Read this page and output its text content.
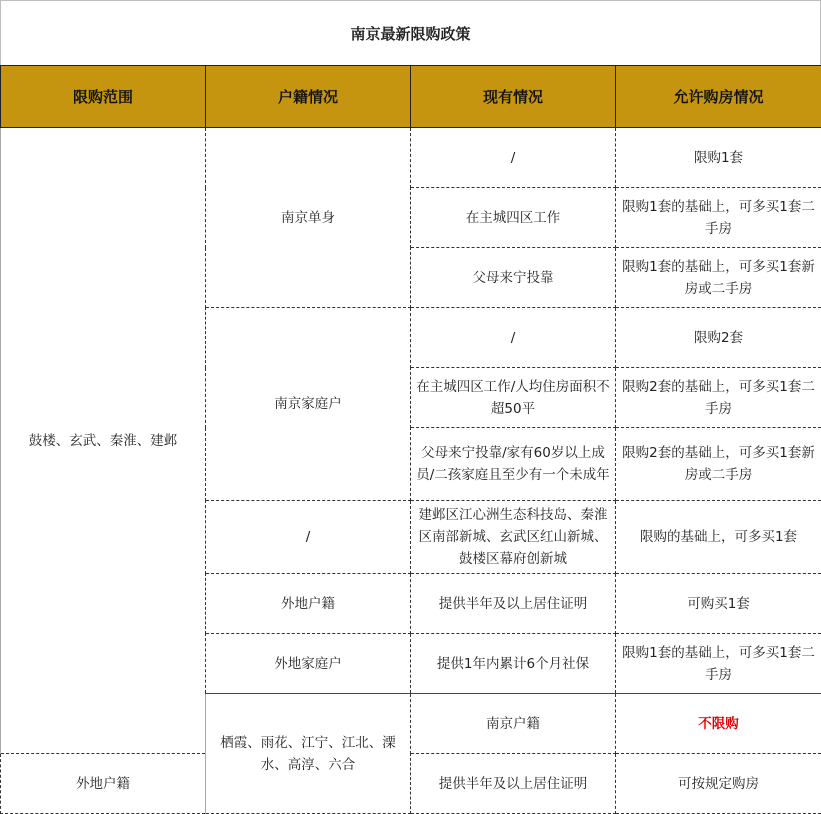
南京最新限购政策
限购范围	户籍情况	现有情况	允许购房情况
鼓楼、玄武、秦淮、建邺	南京单身	/	限购1套
		在主城四区工作	限购1套的基础上，可多买1套二手房
		父母来宁投靠	限购1套的基础上，可多买1套新房或二手房
	南京家庭户	/	限购2套
		在主城四区工作/人均住房面积不超50平	限购2套的基础上，可多买1套二手房
		父母来宁投靠/家有60岁以上成员/二孩家庭且至少有一个未成年	限购2套的基础上，可多买1套新房或二手房
	/	建邺区江心洲生态科技岛、秦淮区南部新城、玄武区红山新城、鼓楼区幕府创新城	限购的基础上，可多买1套
	外地户籍	提供半年及以上居住证明	可购买1套
	外地家庭户	提供1年内累计6个月社保	限购1套的基础上，可多买1套二手房
	栖霞、雨花、江宁、江北、溧水、高淳、六合	南京户籍	不限购
外地户籍		提供半年及以上居住证明	可按规定购房
